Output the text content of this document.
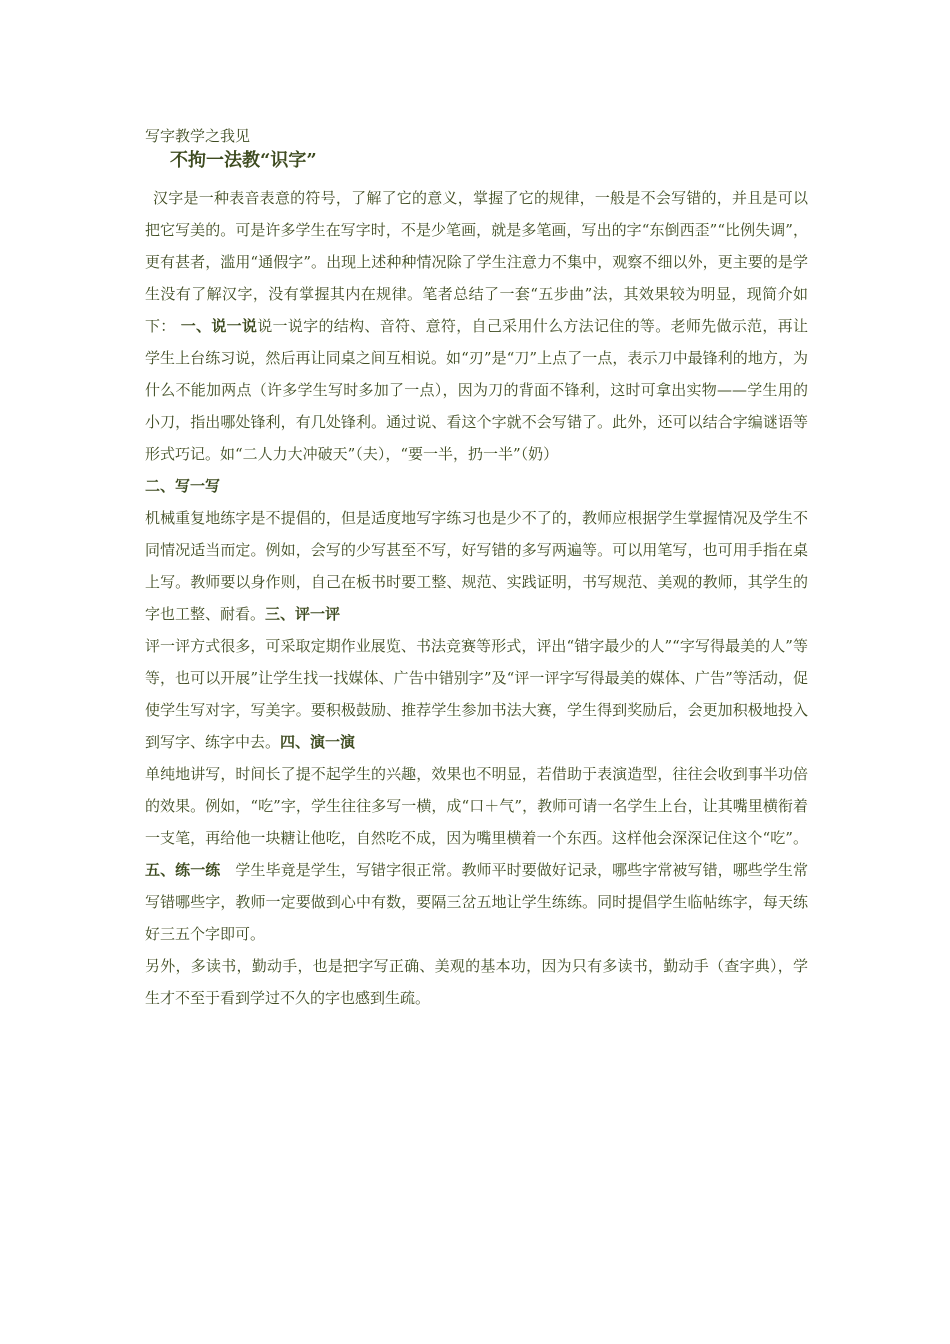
写字教学之我见
不拘一法教“识字”

汉字是一种表音表意的符号，了解了它的意义，掌握了它的规律，一般是不会写错的，并且是可以把它写美的。可是许多学生在写字时，不是少笔画，就是多笔画，写出的字“东倒西歪”“比例失调”，更有甚者，滥用“通假字”。出现上述种种情况除了学生注意力不集中，观察不细以外，更主要的是学生没有了解汉字，没有掌握其内在规律。笔者总结了一套“五步曲”法，其效果较为明显，现简介如下： 一、说一说说一说字的结构、音符、意符，自己采用什么方法记住的等。老师先做示范，再让学生上台练习说，然后再让同桌之间互相说。如“刃”是“刀”上点了一点，表示刀中最锋利的地方，为什么不能加两点（许多学生写时多加了一点），因为刀的背面不锋利，这时可拿出实物——学生用的小刀，指出哪处锋利，有几处锋利。通过说、看这个字就不会写错了。此外，还可以结合字编谜语等形式巧记。如“二人力大冲破天”（夫），“要一半，扔一半”（奶）

二、写一写

机械重复地练字是不提倡的，但是适度地写字练习也是少不了的，教师应根据学生掌握情况及学生不同情况适当而定。例如，会写的少写甚至不写，好写错的多写两遍等。可以用笔写，也可用手指在桌上写。教师要以身作则，自己在板书时要工整、规范、实践证明，书写规范、美观的教师，其学生的字也工整、耐看。三、评一评

评一评方式很多，可采取定期作业展览、书法竞赛等形式，评出“错字最少的人”“字写得最美的人”等等，也可以开展”让学生找一找媒体、广告中错别字”及“评一评字写得最美的媒体、广告”等活动，促使学生写对字，写美字。要积极鼓励、推荐学生参加书法大赛，学生得到奖励后，会更加积极地投入到写字、练字中去。四、演一演

单纯地讲写，时间长了提不起学生的兴趣，效果也不明显，若借助于表演造型，往往会收到事半功倍的效果。例如，“吃”字，学生往往多写一横，成“口＋气”，教师可请一名学生上台，让其嘴里横衔着一支笔，再给他一块糖让他吃，自然吃不成，因为嘴里横着一个东西。这样他会深深记住这个“吃”。五、练一练　学生毕竟是学生，写错字很正常。教师平时要做好记录，哪些字常被写错，哪些学生常写错哪些字，教师一定要做到心中有数，要隔三岔五地让学生练练。同时提倡学生临帖练字，每天练好三五个字即可。

另外，多读书，勤动手，也是把字写正确、美观的基本功，因为只有多读书，勤动手（查字典），学生才不至于看到学过不久的字也感到生疏。
